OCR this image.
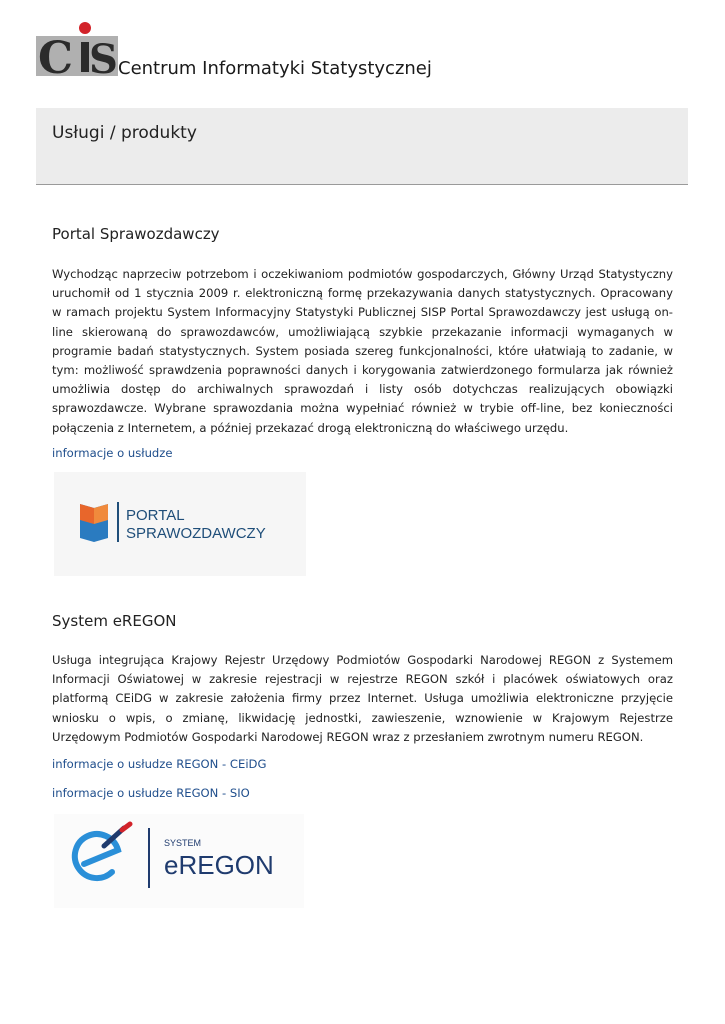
C S Centrum Informatyki Statystycznej
Usługi / produkty
Portal Sprawozdawczy

Wychodząc naprzeciw potrzebom i oczekiwaniom podmiotów gospodarczych, Główny Urząd Statystyczny uruchomił od 1 stycznia 2009 r. elektroniczną formę przekazywania danych statystycznych. Opracowany w ramach projektu System Informacyjny Statystyki Publicznej SISP Portal Sprawozdawczy jest usługą on-line skierowaną do sprawozdawców, umożliwiającą szybkie przekazanie informacji wymaganych w programie badań statystycznych. System posiada szereg funkcjonalności, które ułatwiają to zadanie, w tym: możliwość sprawdzenia poprawności danych i korygowania zatwierdzonego formularza jak również umożliwia dostęp do archiwalnych sprawozdań i listy osób dotychczas realizujących obowiązki sprawozdawcze. Wybrane sprawozdania można wypełniać również w trybie off-line, bez konieczności połączenia z Internetem, a później przekazać drogą elektroniczną do właściwego urzędu.

informacje o usłudze
PORTAL
SPRAWOZDAWCZY
System eREGON

Usługa integrująca Krajowy Rejestr Urzędowy Podmiotów Gospodarki Narodowej REGON z Systemem Informacji Oświatowej w zakresie rejestracji w rejestrze REGON szkół i placówek oświatowych oraz platformą CEiDG w zakresie założenia firmy przez Internet. Usługa umożliwia elektroniczne przyjęcie wniosku o wpis, o zmianę, likwidację jednostki, zawieszenie, wznowienie w Krajowym Rejestrze Urzędowym Podmiotów Gospodarki Narodowej REGON wraz z przesłaniem zwrotnym numeru REGON.

informacje o usłudze REGON - CEiDG
informacje o usłudze REGON - SIO
SYSTEM
eREGON
